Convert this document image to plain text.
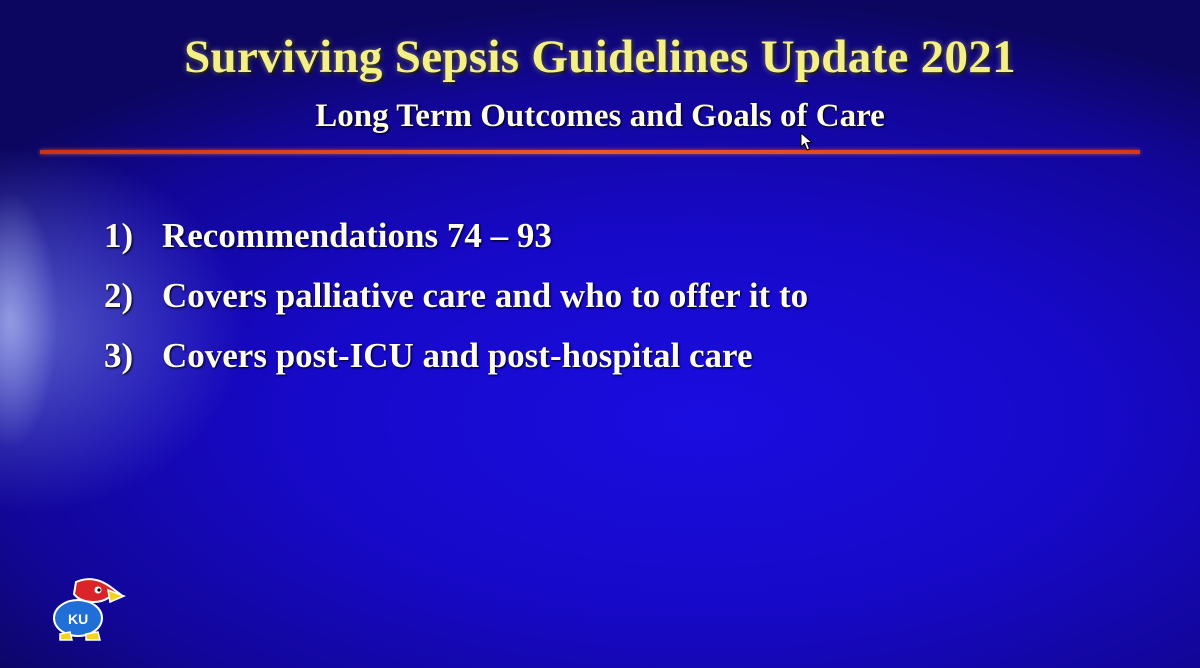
Surviving Sepsis Guidelines Update 2021
Long Term Outcomes and Goals of Care
1) Recommendations 74 – 93
2) Covers palliative care and who to offer it to
3) Covers post-ICU and post-hospital care
KU
